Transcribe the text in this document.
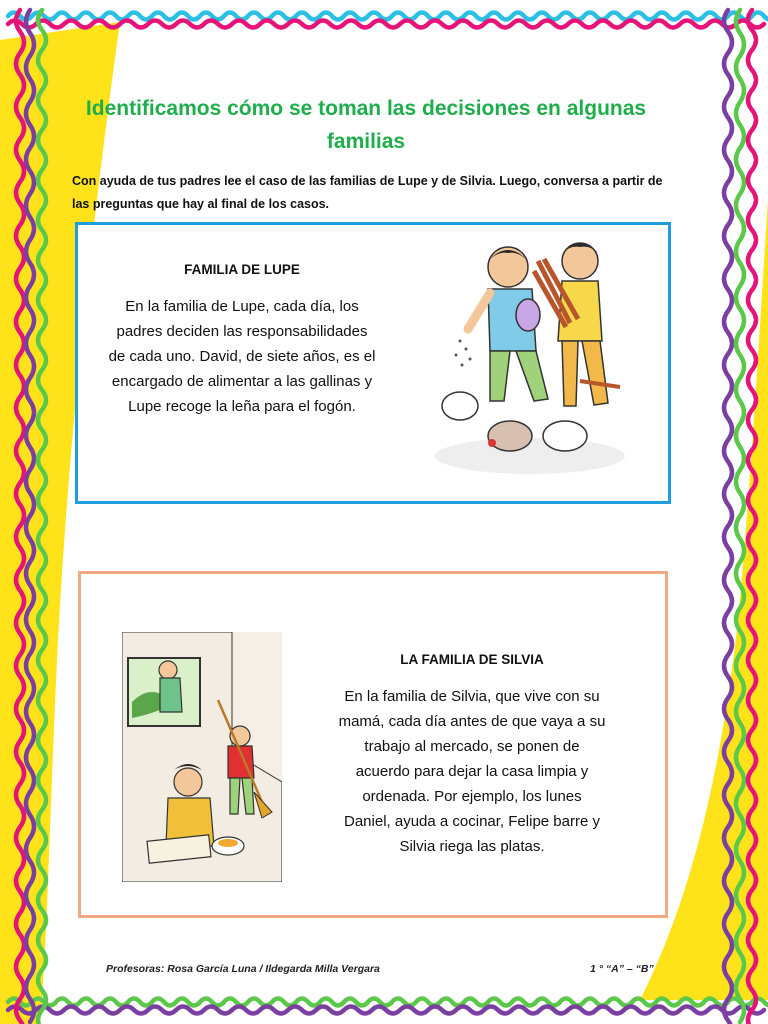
Identificamos cómo se toman las decisiones en algunas familias

Con ayuda de tus padres lee el caso de las familias de Lupe y de Silvia. Luego, conversa a partir de las preguntas que hay al final de los casos.

FAMILIA DE LUPE

En la familia de Lupe, cada día, los padres deciden las responsabilidades de cada uno. David, de siete años, es el encargado de alimentar a las gallinas y Lupe recoge la leña para el fogón.

LA FAMILIA DE SILVIA

En la familia de Silvia, que vive con su mamá, cada día antes de que vaya a su trabajo al mercado, se ponen de acuerdo para dejar la casa limpia y ordenada. Por ejemplo, los lunes Daniel, ayuda a cocinar, Felipe barre y Silvia riega las platas.

Profesoras: Rosa García Luna / Ildegarda Milla Vergara	1 ° “A” – “B”
